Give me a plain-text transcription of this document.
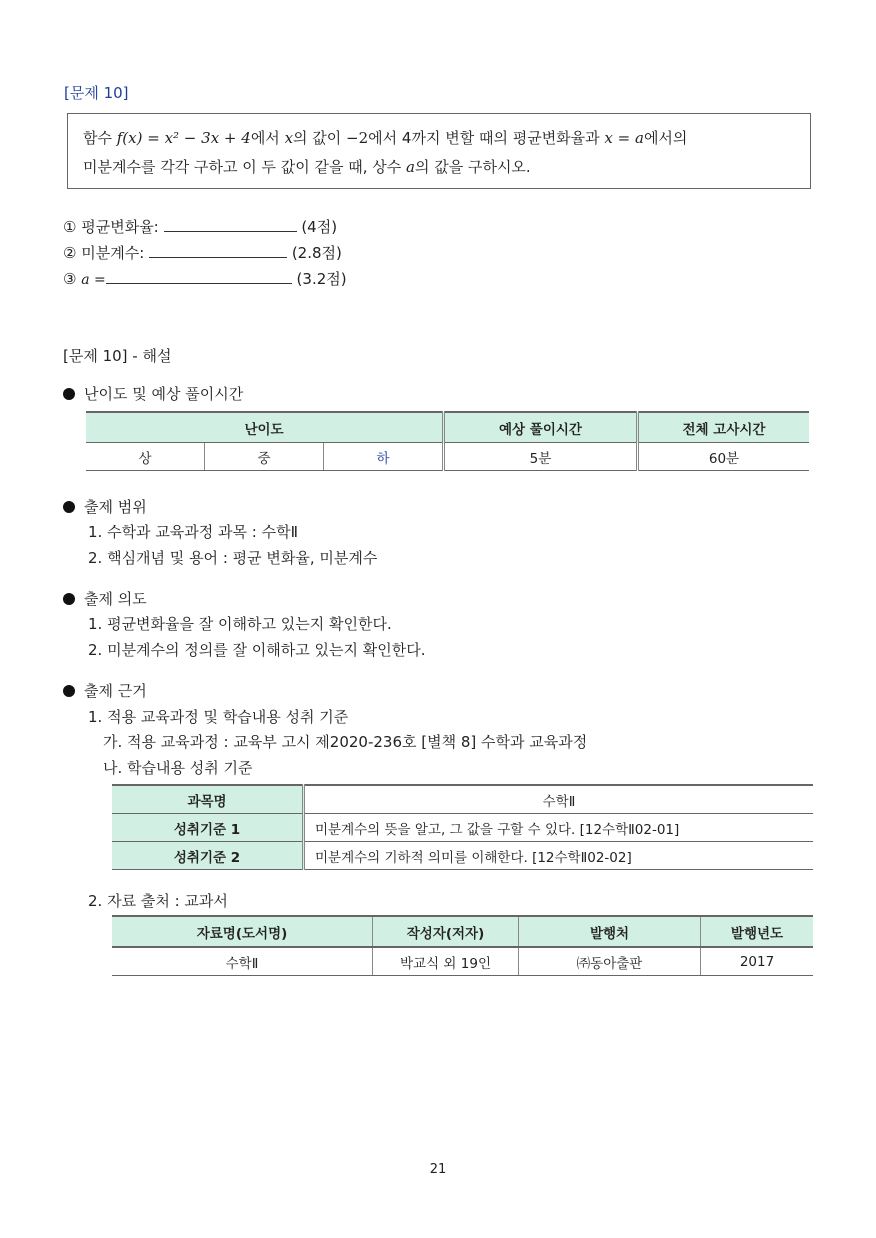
[문제 10]
함수 f(x) = x² − 3x + 4에서 x의 값이 −2에서 4까지 변할 때의 평균변화율과 x = a에서의
미분계수를 각각 구하고 이 두 값이 같을 때, 상수 a의 값을 구하시오.
① 평균변화율:	(4점)
② 미분계수:	(2.8점)
③ a =	(3.2점)
[문제 10] - 해설
난이도 및 예상 풀이시간
난이도			예상 풀이시간	전체 고사시간
상	중	하	5분	60분
출제 범위
1. 수학과 교육과정 과목 : 수학Ⅱ
2. 핵심개념 및 용어 : 평균 변화율, 미분계수
출제 의도
1. 평균변화율을 잘 이해하고 있는지 확인한다.
2. 미분계수의 정의를 잘 이해하고 있는지 확인한다.
출제 근거
1. 적용 교육과정 및 학습내용 성취 기준
가. 적용 교육과정 : 교육부 고시 제2020-236호 [별책 8] 수학과 교육과정
나. 학습내용 성취 기준
과목명	수학Ⅱ
성취기준 1	미분계수의 뜻을 알고, 그 값을 구할 수 있다. [12수학Ⅱ02-01]
성취기준 2	미분계수의 기하적 의미를 이해한다. [12수학Ⅱ02-02]
2. 자료 출처 : 교과서
자료명(도서명)	작성자(저자)	발행처	발행년도
수학Ⅱ	박교식 외 19인	㈜동아출판	2017
21
